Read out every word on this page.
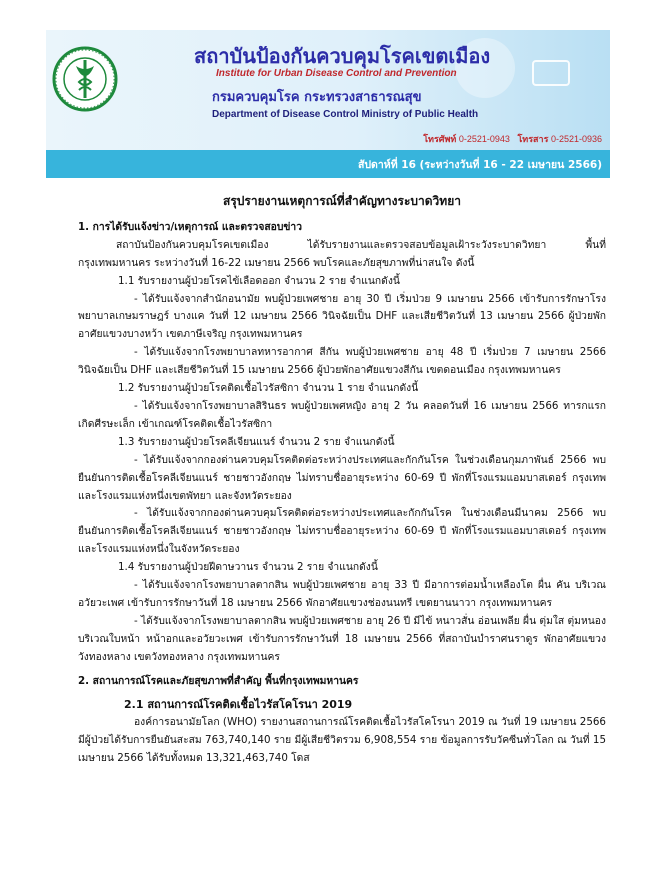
สถาบันป้องกันควบคุมโรคเขตเมือง

Institute for Urban Disease Control and Prevention

กรมควบคุมโรค กระทรวงสาธารณสุข

Department of Disease Control Ministry of Public Health

โทรศัพท์ 0-2521-0943 โทรสาร 0-2521-0936

สัปดาห์ที่ 16 (ระหว่างวันที่ 16 - 22 เมษายน 2566)

สรุปรายงานเหตุการณ์ที่สำคัญทางระบาดวิทยา

1. การได้รับแจ้งข่าว/เหตุการณ์ และตรวจสอบข่าว

สถาบันป้องกันควบคุมโรคเขตเมือง ได้รับรายงานและตรวจสอบข้อมูลเฝ้าระวังระบาดวิทยา พื้นที่กรุงเทพมหานคร ระหว่างวันที่ 16-22 เมษายน 2566 พบโรคและภัยสุขภาพที่น่าสนใจ ดังนี้

1.1 รับรายงานผู้ป่วยโรคไข้เลือดออก จำนวน 2 ราย จำแนกดังนี้

- ได้รับแจ้งจากสำนักอนามัย พบผู้ป่วยเพศชาย อายุ 30 ปี เริ่มป่วย 9 เมษายน 2566 เข้ารับการรักษาโรงพยาบาลเกษมราษฎร์ บางแค วันที่ 12 เมษายน 2566 วินิจฉัยเป็น DHF และเสียชีวิตวันที่ 13 เมษายน 2566 ผู้ป่วยพักอาศัยแขวงบางหว้า เขตภาษีเจริญ กรุงเทพมหานคร

- ได้รับแจ้งจากโรงพยาบาลทหารอากาศ สีกัน พบผู้ป่วยเพศชาย อายุ 48 ปี เริ่มป่วย 7 เมษายน 2566 วินิจฉัยเป็น DHF และเสียชีวิตวันที่ 15 เมษายน 2566 ผู้ป่วยพักอาศัยแขวงสีกัน เขตดอนเมือง กรุงเทพมหานคร

1.2 รับรายงานผู้ป่วยโรคติดเชื้อไวรัสซิกา จำนวน 1 ราย จำแนกดังนี้

- ได้รับแจ้งจากโรงพยาบาลสิรินธร พบผู้ป่วยเพศหญิง อายุ 2 วัน คลอดวันที่ 16 เมษายน 2566 ทารกแรกเกิดศีรษะเล็ก เข้าเกณฑ์โรคติดเชื้อไวรัสซิกา

1.3 รับรายงานผู้ป่วยโรคลีเจียนแนร์ จำนวน 2 ราย จำแนกดังนี้

- ได้รับแจ้งจากกองด่านควบคุมโรคติดต่อระหว่างประเทศและกักกันโรค ในช่วงเดือนกุมภาพันธ์ 2566 พบยืนยันการติดเชื้อโรคลีเจียนแนร์ ชายชาวอังกฤษ ไม่ทราบชื่ออายุระหว่าง 60-69 ปี พักที่โรงแรมแอมบาสเดอร์ กรุงเทพ และโรงแรมแห่งหนึ่งเขตพัทยา และจังหวัดระยอง

- ได้รับแจ้งจากกองด่านควบคุมโรคติดต่อระหว่างประเทศและกักกันโรค ในช่วงเดือนมีนาคม 2566 พบยืนยันการติดเชื้อโรคลีเจียนแนร์ ชายชาวอังกฤษ ไม่ทราบชื่ออายุระหว่าง 60-69 ปี พักที่โรงแรมแอมบาสเดอร์ กรุงเทพ และโรงแรมแห่งหนึ่งในจังหวัดระยอง

1.4 รับรายงานผู้ป่วยฝีดาษวานร จำนวน 2 ราย จำแนกดังนี้

- ได้รับแจ้งจากโรงพยาบาลตากสิน พบผู้ป่วยเพศชาย อายุ 33 ปี มีอาการต่อมน้ำเหลืองโต ผื่น คัน บริเวณอวัยวะเพศ เข้ารับการรักษาวันที่ 18 เมษายน 2566 พักอาศัยแขวงช่องนนทรี เขตยานนาวา กรุงเทพมหานคร

- ได้รับแจ้งจากโรงพยาบาลตากสิน พบผู้ป่วยเพศชาย อายุ 26 ปี มีไข้ หนาวสั่น อ่อนเพลีย ผื่น ตุ่มใส ตุ่มหนอง บริเวณใบหน้า หน้าอกและอวัยวะเพศ เข้ารับการรักษาวันที่ 18 เมษายน 2566 ที่สถาบันบำราศนราดูร พักอาศัยแขวงวังทองหลาง เขตวังทองหลาง กรุงเทพมหานคร

2. สถานการณ์โรคและภัยสุขภาพที่สำคัญ พื้นที่กรุงเทพมหานคร

2.1 สถานการณ์โรคติดเชื้อไวรัสโคโรนา 2019

องค์การอนามัยโลก (WHO) รายงานสถานการณ์โรคติดเชื้อไวรัสโคโรนา 2019 ณ วันที่ 19 เมษายน 2566 มีผู้ป่วยได้รับการยืนยันสะสม 763,740,140 ราย มีผู้เสียชีวิตรวม 6,908,554 ราย ข้อมูลการรับวัคซีนทั่วโลก ณ วันที่ 15 เมษายน 2566 ได้รับทั้งหมด 13,321,463,740 โดส
